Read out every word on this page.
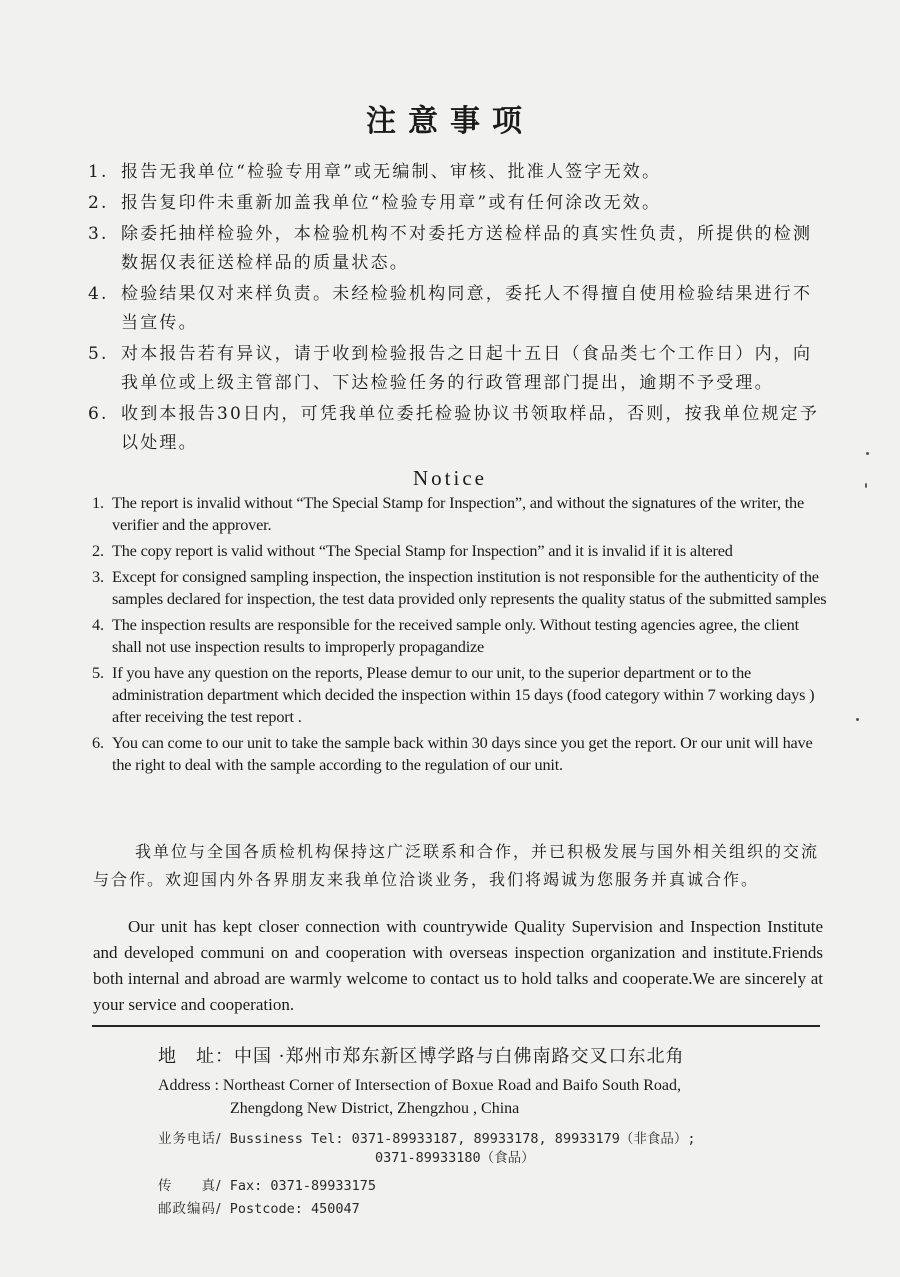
注意事项
1. 报告无我单位“检验专用章”或无编制、审核、批准人签字无效。
2. 报告复印件未重新加盖我单位“检验专用章”或有任何涂改无效。
3. 除委托抽样检验外，本检验机构不对委托方送检样品的真实性负责，所提供的检测数据仅表征送检样品的质量状态。
4. 检验结果仅对来样负责。未经检验机构同意，委托人不得擅自使用检验结果进行不当宣传。
5. 对本报告若有异议，请于收到检验报告之日起十五日（食品类七个工作日）内，向我单位或上级主管部门、下达检验任务的行政管理部门提出，逾期不予受理。
6. 收到本报告30日内，可凭我单位委托检验协议书领取样品，否则，按我单位规定予以处理。
Notice
1. The report is invalid without “The Special Stamp for Inspection”, and without the signatures of the writer, the verifier and the approver.
2. The copy report is valid without “The Special Stamp for Inspection” and it is invalid if it is altered
3. Except for consigned sampling inspection, the inspection institution is not responsible for the authenticity of the samples declared for inspection, the test data provided only represents the quality status of the submitted samples
4. The inspection results are responsible for the received sample only. Without testing agencies agree, the client shall not use inspection results to improperly propagandize
5. If you have any question on the reports, Please demur to our unit, to the superior department or to the administration department which decided the inspection within 15 days (food category within 7 working days ) after receiving the test report .
6. You can come to our unit to take the sample back within 30 days since you get the report. Or our unit will have the right to deal with the sample according to the regulation of our unit.
我单位与全国各质检机构保持这广泛联系和合作，并已积极发展与国外相关组织的交流与合作。欢迎国内外各界朋友来我单位洽谈业务，我们将竭诚为您服务并真诚合作。
Our unit has kept closer connection with countrywide Quality Supervision and Inspection Institute and developed communi on and cooperation with overseas inspection organization and institute.Friends both internal and abroad are warmly welcome to contact us to hold talks and cooperate.We are sincerely at your service and cooperation.
地　址：中国 ·郑州市郑东新区博学路与白佛南路交叉口东北角
Address : Northeast Corner of Intersection of Boxue Road and Baifo South Road,
Zhengdong New District, Zhengzhou , China
业务电话/ Bussiness Tel: 0371-89933187, 89933178, 89933179（非食品）;
0371-89933180（食品）
传　　真/ Fax: 0371-89933175
邮政编码/ Postcode: 450047
